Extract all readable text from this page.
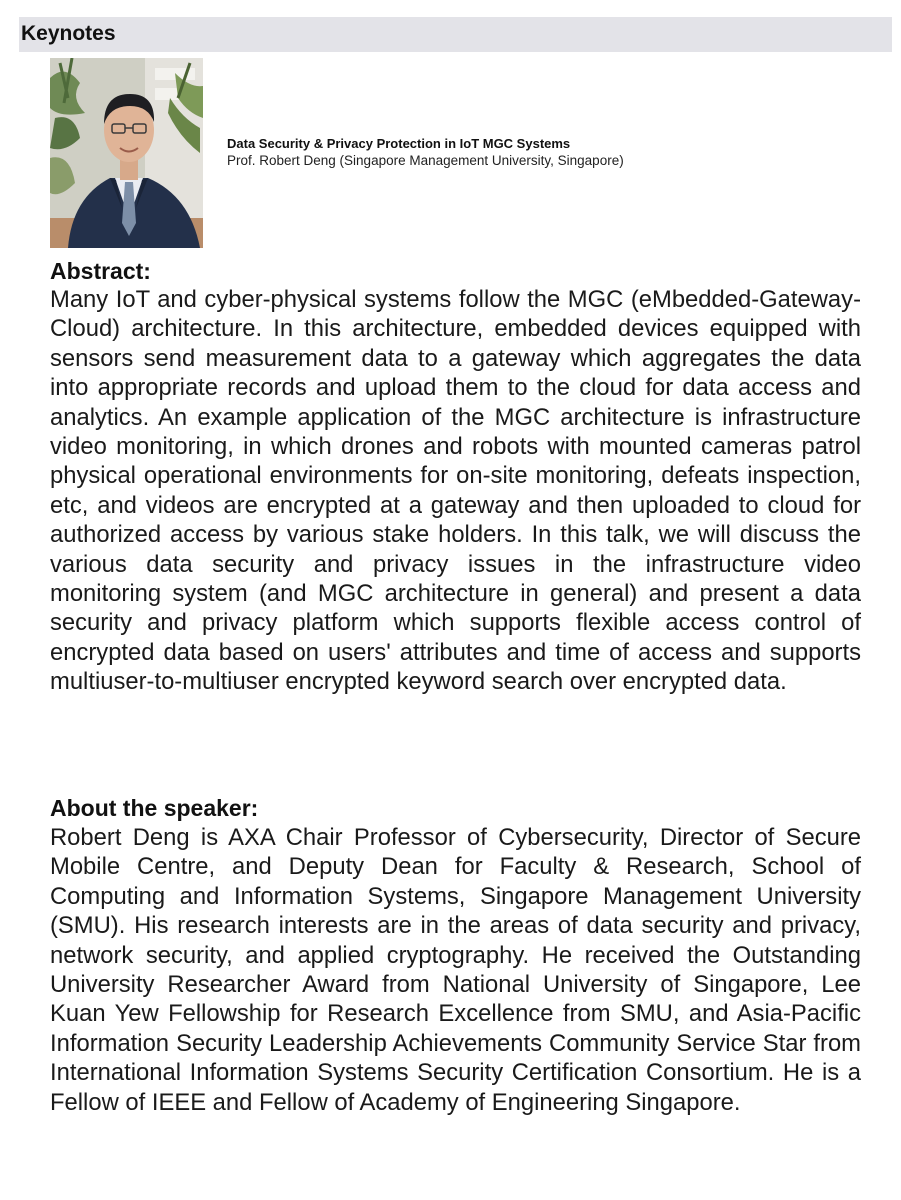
Keynotes
Data Security & Privacy Protection in IoT MGC Systems
Prof. Robert Deng (Singapore Management University, Singapore)
Abstract:
Many IoT and cyber-physical systems follow the MGC (eMbedded-Gateway-Cloud) architecture. In this architecture, embedded devices equipped with sensors send measurement data to a gateway which aggregates the data into appropriate records and upload them to the cloud for data access and analytics. An example application of the MGC architecture is infrastructure video monitoring, in which drones and robots with mounted cameras patrol physical operational environments for on-site monitoring, defeats inspection, etc, and videos are encrypted at a gateway and then uploaded to cloud for authorized access by various stake holders. In this talk, we will discuss the various data security and privacy issues in the infrastructure video monitoring system (and MGC architecture in general) and present a data security and privacy platform which supports flexible access control of encrypted data based on users' attributes and time of access and supports multiuser-to-multiuser encrypted keyword search over encrypted data.
About the speaker:
Robert Deng is AXA Chair Professor of Cybersecurity, Director of Secure Mobile Centre, and Deputy Dean for Faculty & Research, School of Computing and Information Systems, Singapore Management University (SMU). His research interests are in the areas of data security and privacy, network security, and applied cryptography. He received the Outstanding University Researcher Award from National University of Singapore, Lee Kuan Yew Fellowship for Research Excellence from SMU, and Asia-Pacific Information Security Leadership Achievements Community Service Star from International Information Systems Security Certification Consortium. He is a Fellow of IEEE and Fellow of Academy of Engineering Singapore.
